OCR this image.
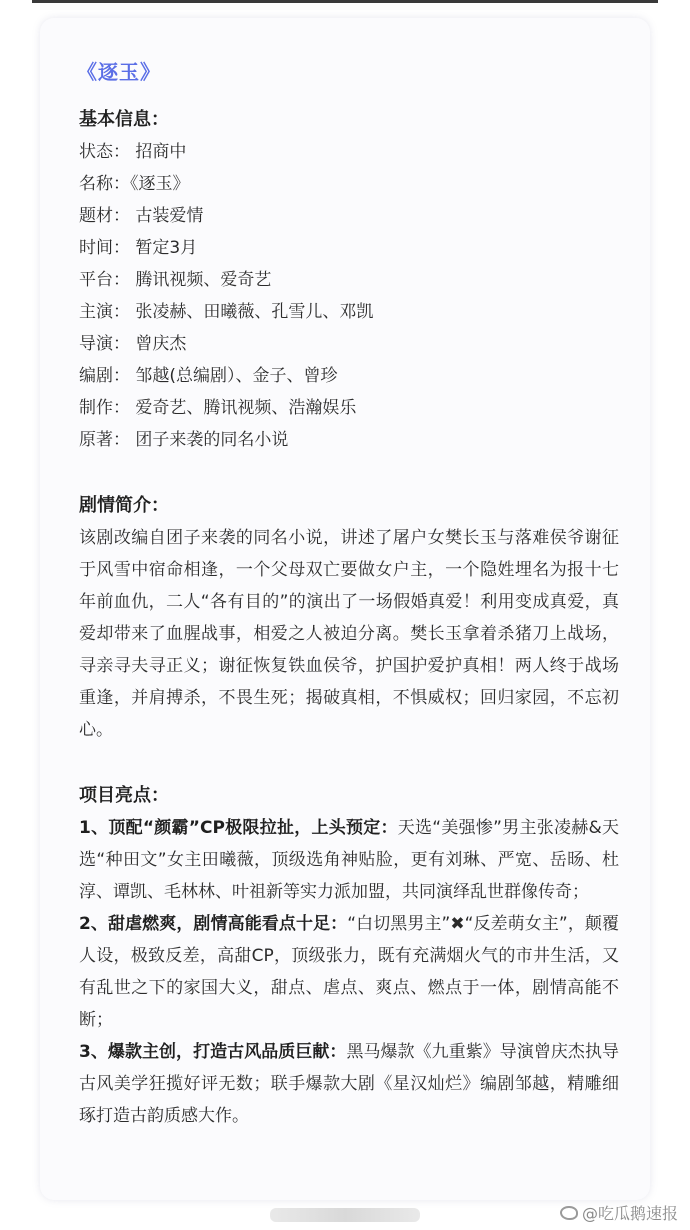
《逐玉》
基本信息：
状态： 招商中
名称：《逐玉》
题材： 古装爱情
时间： 暂定3月
平台： 腾讯视频、爱奇艺
主演： 张凌赫、田曦薇、孔雪儿、邓凯
导演： 曾庆杰
编剧： 邹越(总编剧）、金子、曾珍
制作： 爱奇艺、腾讯视频、浩瀚娱乐
原著： 团子来袭的同名小说
剧情简介：

该剧改编自团子来袭的同名小说，讲述了屠户女樊长玉与落难侯爷谢征于风雪中宿命相逢，一个父母双亡要做女户主，一个隐姓埋名为报十七年前血仇，二人“各有目的”的演出了一场假婚真爱！利用变成真爱，真爱却带来了血腥战事，相爱之人被迫分离。樊长玉拿着杀猪刀上战场，寻亲寻夫寻正义；谢征恢复铁血侯爷，护国护爱护真相！两人终于战场重逢，并肩搏杀，不畏生死；揭破真相，不惧威权；回归家园，不忘初心。

项目亮点：

1、顶配“颜霸”CP极限拉扯，上头预定：天选“美强惨”男主张凌赫&天选“种田文”女主田曦薇，顶级选角神贴脸，更有刘琳、严宽、岳旸、杜淳、谭凯、毛林林、叶祖新等实力派加盟，共同演绎乱世群像传奇；

2、甜虐燃爽，剧情高能看点十足：“白切黑男主”✖“反差萌女主”，颠覆人设，极致反差，高甜CP，顶级张力，既有充满烟火气的市井生活，又有乱世之下的家国大义，甜点、虐点、爽点、燃点于一体，剧情高能不断；

3、爆款主创，打造古风品质巨献：黑马爆款《九重紫》导演曾庆杰执导古风美学狂揽好评无数；联手爆款大剧《星汉灿烂》编剧邹越，精雕细琢打造古韵质感大作。

@吃瓜鹅速报
